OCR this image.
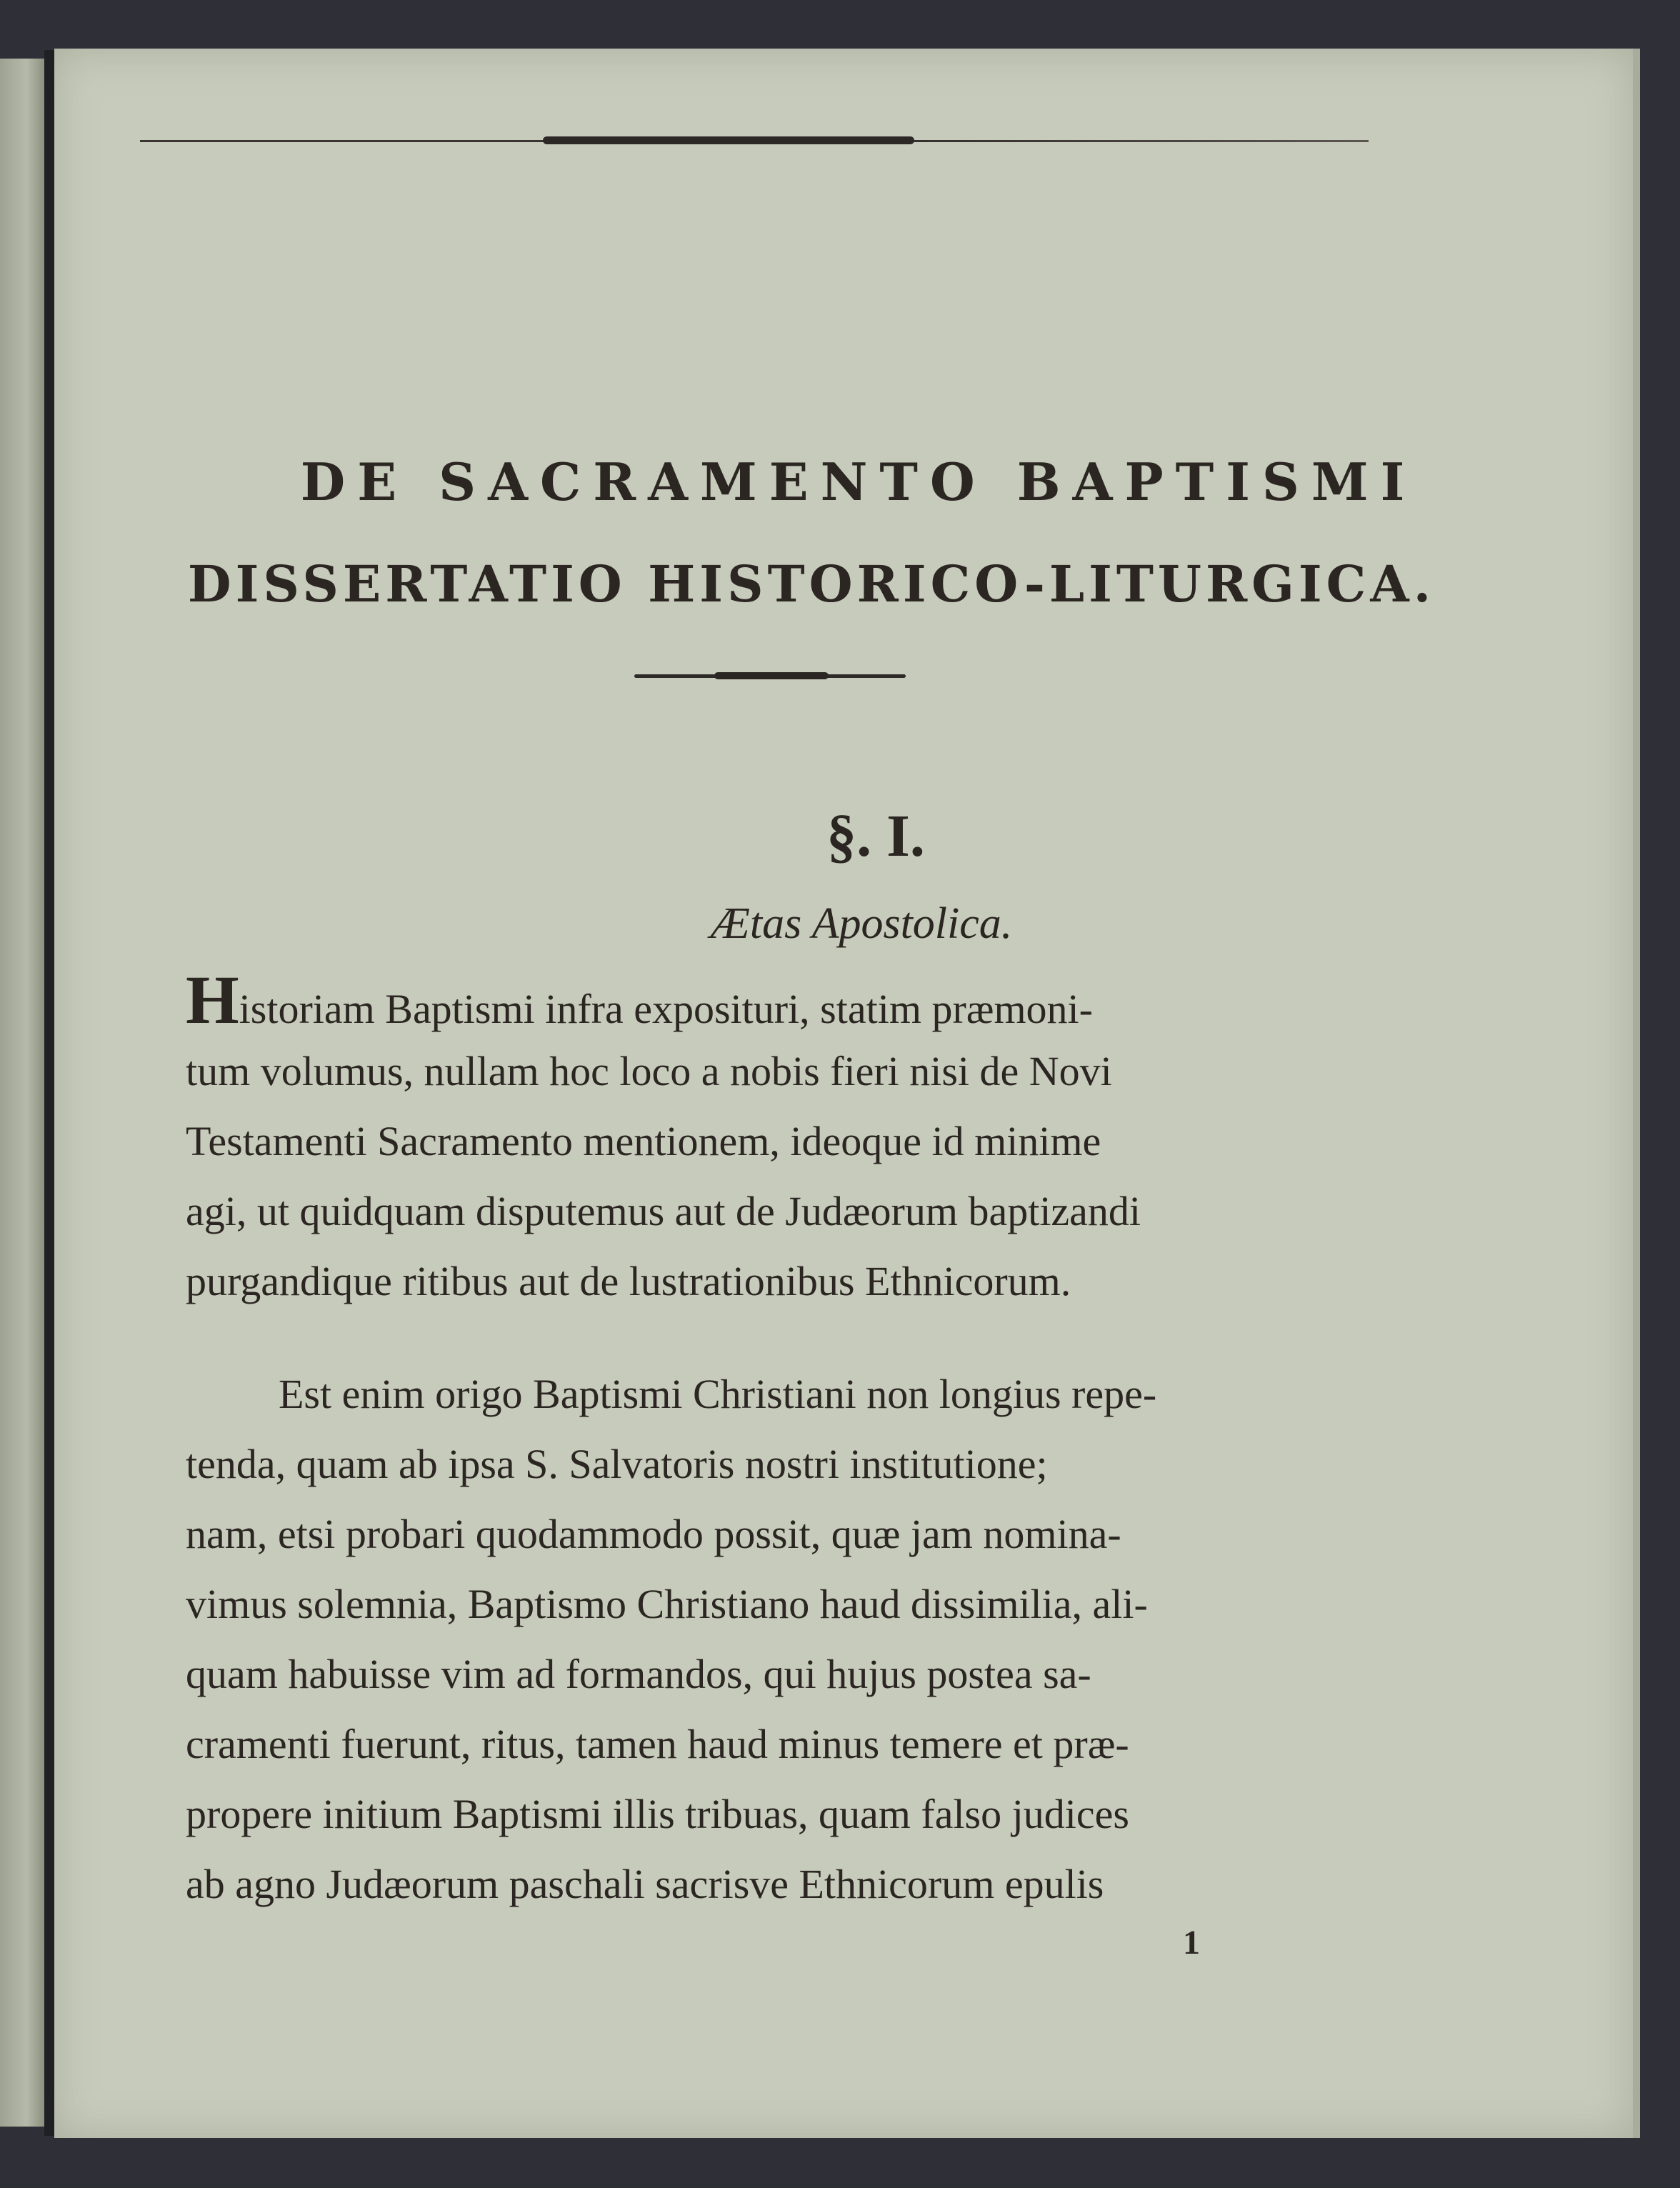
DE SACRAMENTO BAPTISMI
DISSERTATIO HISTORICO-LITURGICA.
§. I.
Ætas Apostolica.
Historiam Baptismi infra expositurі, statim præmoni-
tum volumus, nullam hoc loco a nobis fieri nisi de Novi
Testamenti Sacramento mentionem, ideoque id minime
agi, ut quidquam disputemus aut de Judæorum baptizandi
purgandique ritibus aut de lustrationibus Ethnicorum.
Est enim origo Baptismi Christiani non longius repe-
tenda, quam ab ipsa S. Salvatoris nostri institutione;
nam, etsi probari quodammodo possit, quæ jam nomina-
vimus solemnia, Baptismo Christiano haud dissimilia, ali-
quam habuisse vim ad formandos, qui hujus postea sa-
cramenti fuerunt, ritus, tamen haud minus temere et præ-
propere initium Baptismi illis tribuas, quam falso judices
ab agno Judæorum paschali sacrisve Ethnicorum epulis
1
